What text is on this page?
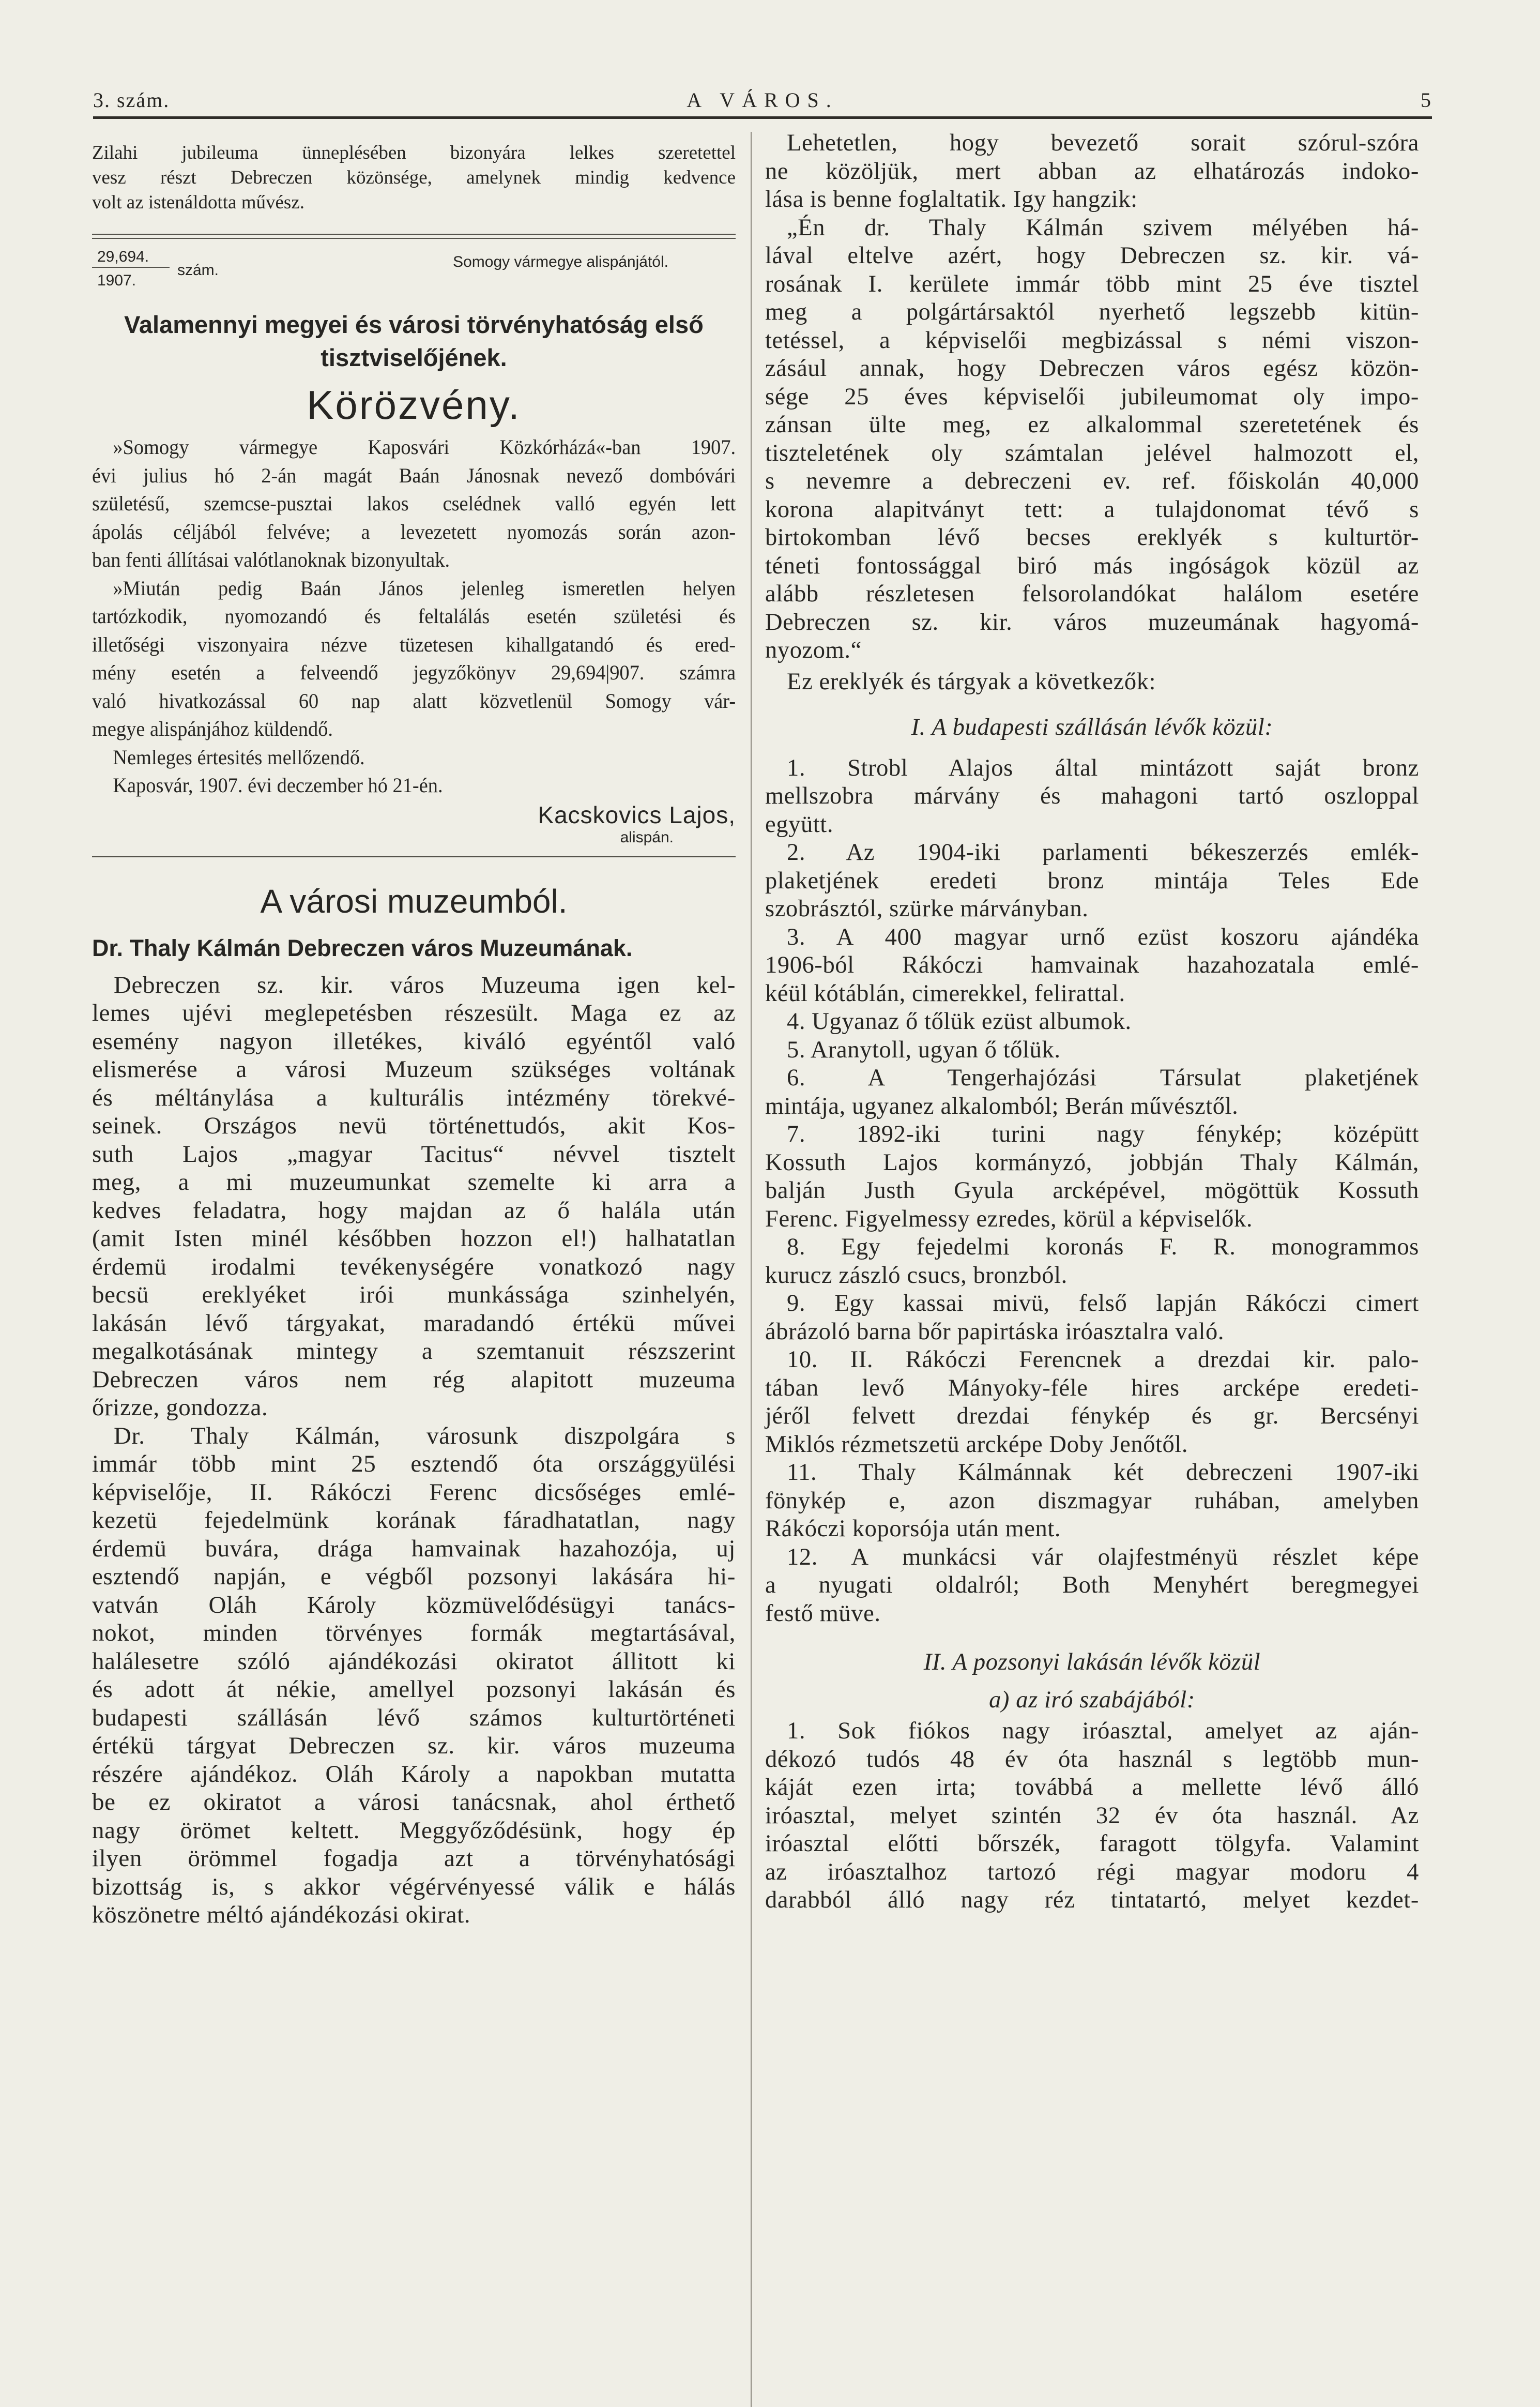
3. szám.	A VÁROS.	5

Zilahi jubileuma ünneplésében bizonyára lelkes szeretettel

vesz részt Debreczen közönsége, amelynek mindig kedvence

volt az istenáldotta művész.

29,694.
1907.
szám.	Somogy vármegye alispánjától.

Valamennyi megyei és városi törvényhatóság első

tisztviselőjének.

Körözvény.

»Somogy vármegye Kaposvári Közkórházá«-ban 1907.

évi julius hó 2-án magát Baán Jánosnak nevező dombóvári

születésű, szemcse-pusztai lakos cselédnek valló egyén lett

ápolás céljából felvéve; a levezetett nyomozás során azon-

ban fenti állításai valótlanoknak bizonyultak.

»Miután pedig Baán János jelenleg ismeretlen helyen

tartózkodik, nyomozandó és feltalálás esetén születési és

illetőségi viszonyaira nézve tüzetesen kihallgatandó és ered-

mény esetén a felveendő jegyzőkönyv 29,694|907. számra

való hivatkozással 60 nap alatt közvetlenül Somogy vár-

megye alispánjához küldendő.

Nemleges értesités mellőzendő.

Kaposvár, 1907. évi deczember hó 21-én.

Kacskovics Lajos,
alispán.
A városi muzeumból.
Dr. Thaly Kálmán Debreczen város Muzeumának.

Debreczen sz. kir. város Muzeuma igen kel-

lemes ujévi meglepetésben részesült. Maga ez az

esemény nagyon illetékes, kiváló egyéntől való

elismerése a városi Muzeum szükséges voltának

és méltánylása a kulturális intézmény törekvé-

seinek. Országos nevü történettudós, akit Kos-

suth Lajos „magyar Tacitus“ névvel tisztelt

meg, a mi muzeumunkat szemelte ki arra a

kedves feladatra, hogy majdan az ő halála után

(amit Isten minél későbben hozzon el!) halhatatlan

érdemü irodalmi tevékenységére vonatkozó nagy

becsü ereklyéket irói munkássága szinhelyén,

lakásán lévő tárgyakat, maradandó értékü művei

megalkotásának mintegy a szemtanuit részszerint

Debreczen város nem rég alapitott muzeuma

őrizze, gondozza.

Dr. Thaly Kálmán, városunk diszpolgára s

immár több mint 25 esztendő óta országgyülési

képviselője, II. Rákóczi Ferenc dicsőséges emlé-

kezetü fejedelmünk korának fáradhatatlan, nagy

érdemü buvára, drága hamvainak hazahozója, uj

esztendő napján, e végből pozsonyi lakására hi-

vatván Oláh Károly közmüvelődésügyi tanács-

nokot, minden törvényes formák megtartásával,

halálesetre szóló ajándékozási okiratot állitott ki

és adott át nékie, amellyel pozsonyi lakásán és

budapesti szállásán lévő számos kulturtörténeti

értékü tárgyat Debreczen sz. kir. város muzeuma

részére ajándékoz. Oláh Károly a napokban mutatta

be ez okiratot a városi tanácsnak, ahol érthető

nagy örömet keltett. Meggyőződésünk, hogy ép

ilyen örömmel fogadja azt a törvényhatósági

bizottság is, s akkor végérvényessé válik e hálás

köszönetre méltó ajándékozási okirat.

Lehetetlen, hogy bevezető sorait szórul-szóra

ne közöljük, mert abban az elhatározás indoko-

lása is benne foglaltatik. Igy hangzik:

„Én dr. Thaly Kálmán szivem mélyében há-

lával eltelve azért, hogy Debreczen sz. kir. vá-

rosának I. kerülete immár több mint 25 éve tisztel

meg a polgártársaktól nyerhető legszebb kitün-

tetéssel, a képviselői megbizással s némi viszon-

zásául annak, hogy Debreczen város egész közön-

sége 25 éves képviselői jubileumomat oly impo-

zánsan ülte meg, ez alkalommal szeretetének és

tiszteletének oly számtalan jelével halmozott el,

s nevemre a debreczeni ev. ref. főiskolán 40,000

korona alapitványt tett: a tulajdonomat tévő s

birtokomban lévő becses ereklyék s kulturtör-

téneti fontossággal biró más ingóságok közül az

alább részletesen felsorolandókat halálom esetére

Debreczen sz. kir. város muzeumának hagyomá-

nyozom.“

Ez ereklyék és tárgyak a következők:

I. A budapesti szállásán lévők közül:

1. Strobl Alajos által mintázott saját bronz

mellszobra márvány és mahagoni tartó oszloppal

együtt.

2. Az 1904-iki parlamenti békeszerzés emlék-

plaketjének eredeti bronz mintája Teles Ede

szobrásztól, szürke márványban.

3. A 400 magyar urnő ezüst koszoru ajándéka

1906-ból Rákóczi hamvainak hazahozatala emlé-

kéül kótáblán, cimerekkel, felirattal.

4. Ugyanaz ő tőlük ezüst albumok.

5. Aranytoll, ugyan ő tőlük.

6. A Tengerhajózási Társulat plaketjének

mintája, ugyanez alkalomból; Berán művésztől.

7. 1892-iki turini nagy fénykép; középütt

Kossuth Lajos kormányzó, jobbján Thaly Kálmán,

balján Justh Gyula arcképével, mögöttük Kossuth

Ferenc. Figyelmessy ezredes, körül a képviselők.

8. Egy fejedelmi koronás F. R. monogrammos

kurucz zászló csucs, bronzból.

9. Egy kassai mivü, felső lapján Rákóczi cimert

ábrázoló barna bőr papirtáska iróasztalra való.

10. II. Rákóczi Ferencnek a drezdai kir. palo-

tában levő Mányoky-féle hires arcképe eredeti-

jéről felvett drezdai fénykép és gr. Bercsényi

Miklós rézmetszetü arcképe Doby Jenőtől.

11. Thaly Kálmánnak két debreczeni 1907-iki

fönykép e, azon diszmagyar ruhában, amelyben

Rákóczi koporsója után ment.

12. A munkácsi vár olajfestményü részlet képe

a nyugati oldalról; Both Menyhért beregmegyei

festő müve.

II. A pozsonyi lakásán lévők közül

a) az iró szabájából:

1. Sok fiókos nagy iróasztal, amelyet az aján-

dékozó tudós 48 év óta használ s legtöbb mun-

káját ezen irta; továbbá a mellette lévő álló

iróasztal, melyet szintén 32 év óta használ. Az

iróasztal előtti bőrszék, faragott tölgyfa. Valamint

az iróasztalhoz tartozó régi magyar modoru 4

darabból álló nagy réz tintatartó, melyet kezdet-
